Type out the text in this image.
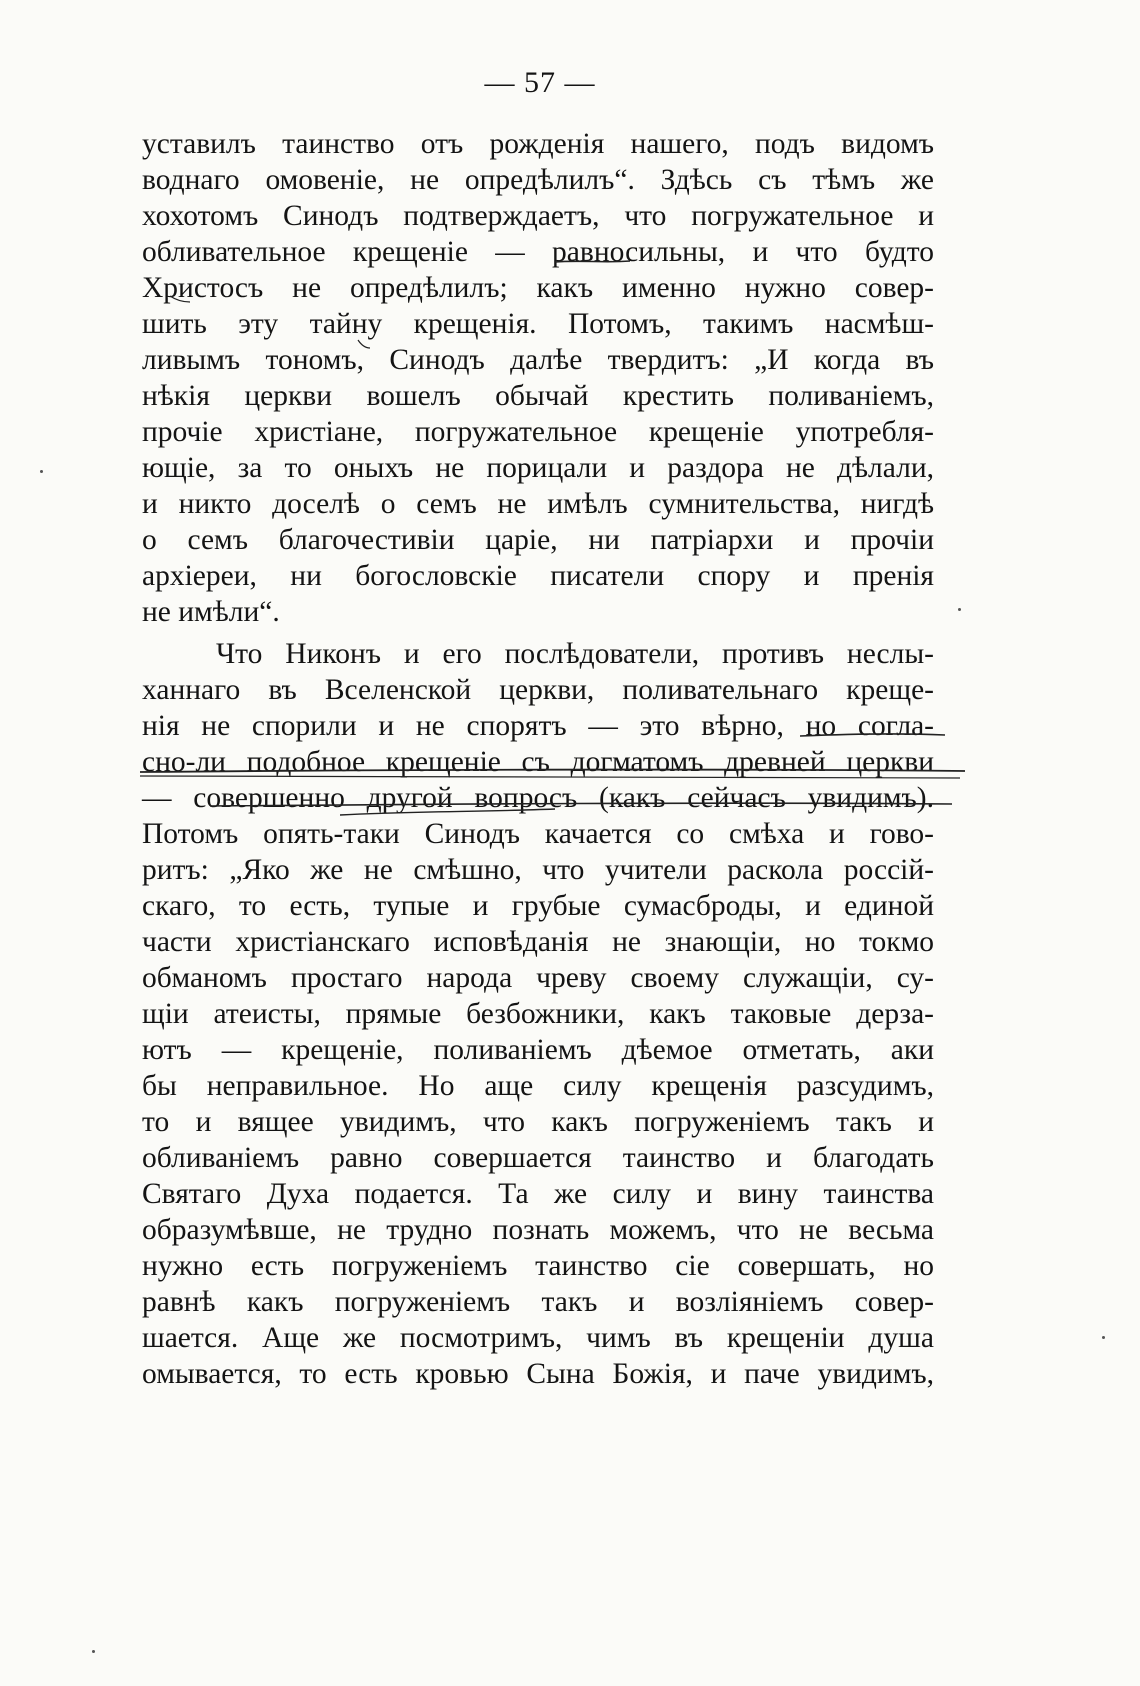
— 57 —
уставилъ таинство отъ рожденія нашего, подъ видомъ
воднаго омовеніе, не опредѣлилъ“. Здѣсь съ тѣмъ же
хохотомъ Синодъ подтверждаетъ, что погружательное и
обливательное крещеніе — равносильны, и что будто
Христосъ не опредѣлилъ; какъ именно нужно совер-
шить эту тайну крещенія. Потомъ, такимъ насмѣш-
ливымъ тономъ, Синодъ далѣе твердитъ: „И когда въ
нѣкія церкви вошелъ обычай крестить поливаніемъ,
прочіе христіане, погружательное крещеніе употребля-
ющіе, за то оныхъ не порицали и раздора не дѣлали,
и никто доселѣ о семъ не имѣлъ сумнительства, нигдѣ
о семъ благочестивіи царіе, ни патріархи и прочіи
архіереи, ни богословскіе писатели спору и пренія
не имѣли“.
Что Никонъ и его послѣдователи, противъ неслы-
ханнаго въ Вселенской церкви, поливательнаго креще-
нія не спорили и не спорятъ — это вѣрно, но согла-
сно-ли подобное крещеніе съ догматомъ древней церкви
— совершенно другой вопросъ (какъ сейчасъ увидимъ).
Потомъ опять-таки Синодъ качается со смѣха и гово-
ритъ: „Яко же не смѣшно, что учители раскола россій-
скаго, то есть, тупые и грубые сумасброды, и единой
части христіанскаго исповѣданія не знающіи, но токмо
обманомъ простаго народа чреву своему служащіи, су-
щіи атеисты, прямые безбожники, какъ таковые дерза-
ютъ — крещеніе, поливаніемъ дѣемое отметать, аки
бы неправильное. Но аще силу крещенія разсудимъ,
то и вящее увидимъ, что какъ погруженіемъ такъ и
обливаніемъ равно совершается таинство и благодать
Святаго Духа подается. Та же силу и вину таинства
образумѣвше, не трудно познать можемъ, что не весьма
нужно есть погруженіемъ таинство сіе совершать, но
равнѣ какъ погруженіемъ такъ и возліяніемъ совер-
шается. Аще же посмотримъ, чимъ въ крещеніи душа
омывается, то есть кровью Сына Божія, и паче увидимъ,
